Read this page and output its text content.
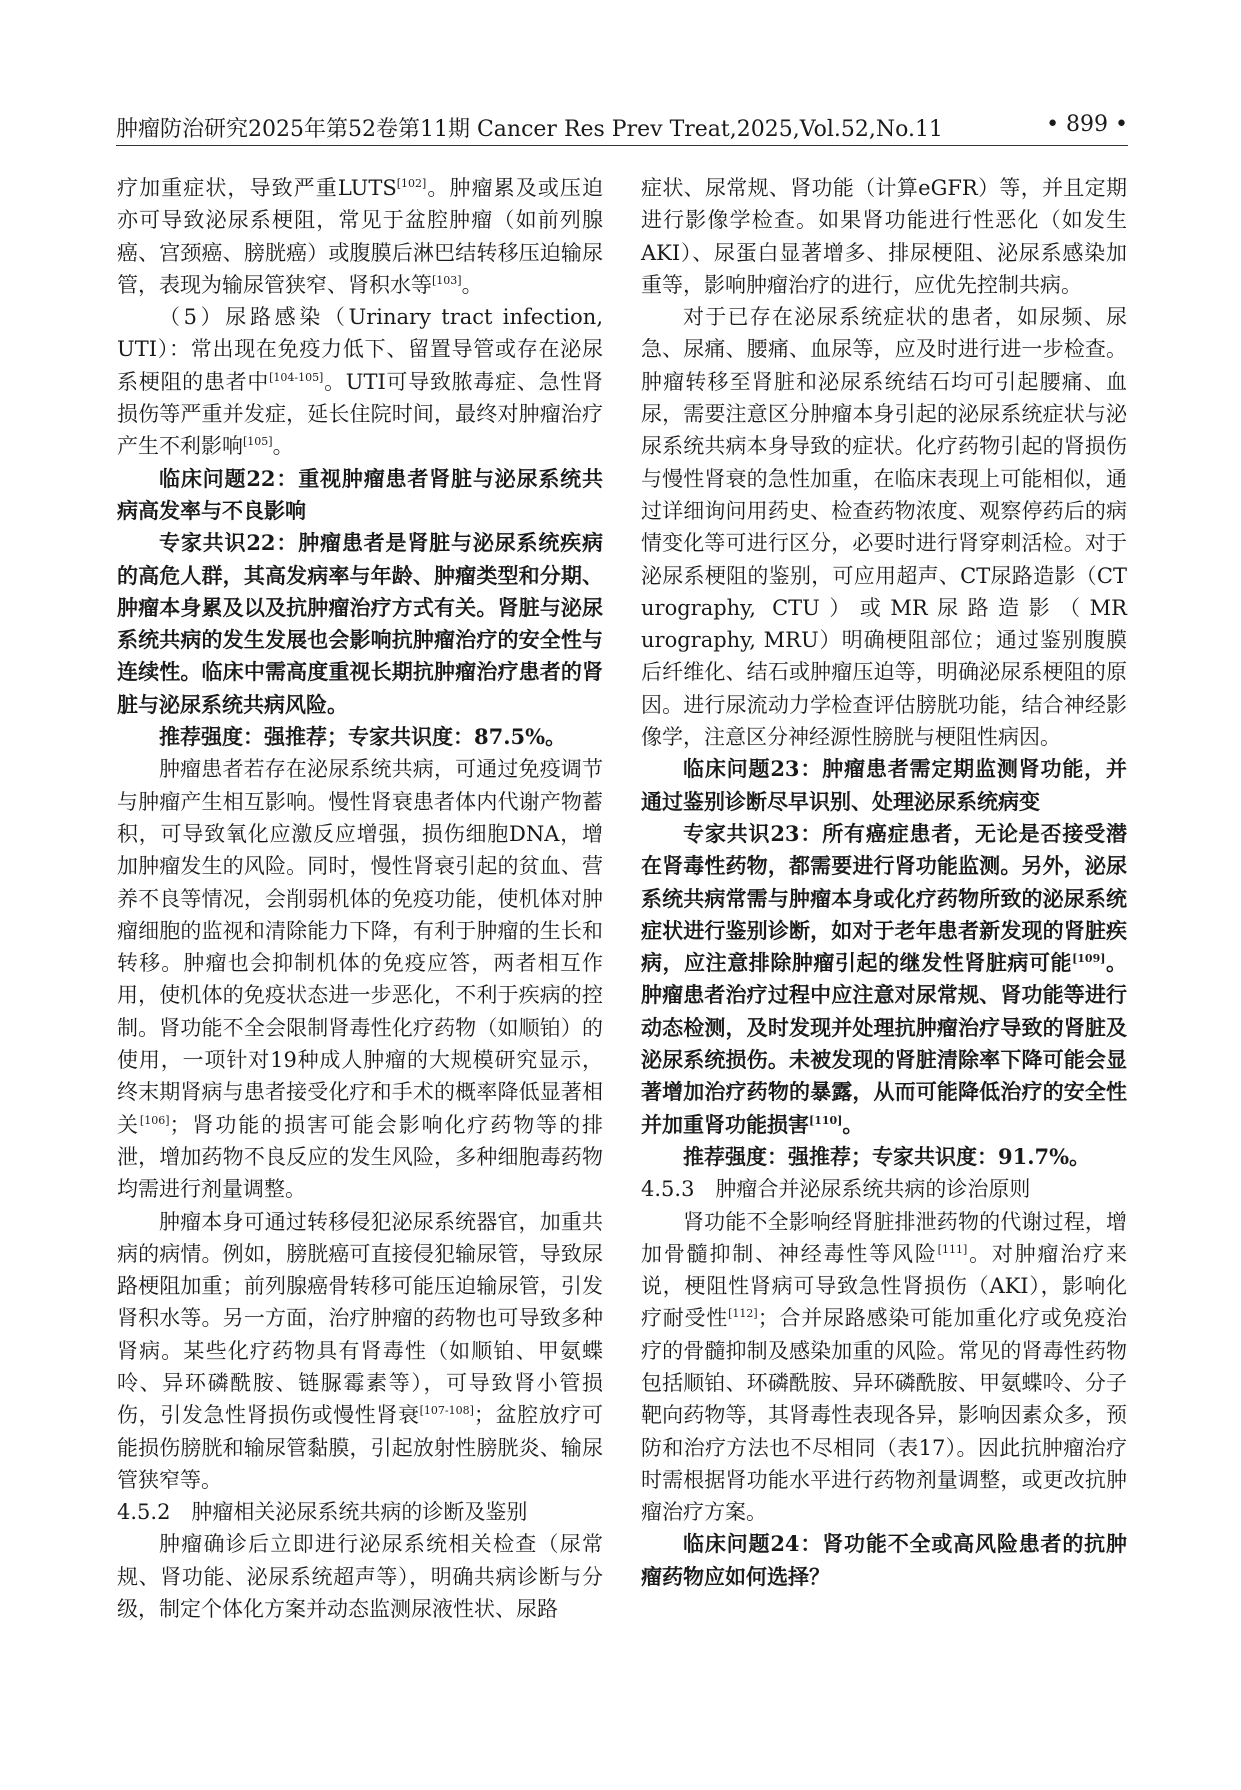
肿瘤防治研究2025年第52卷第11期 Cancer Res Prev Treat,2025,Vol.52,No.11	• 899 •

疗加重症状，导致严重LUTS[102]。肿瘤累及或压迫亦可导致泌尿系梗阻，常见于盆腔肿瘤（如前列腺癌、宫颈癌、膀胱癌）或腹膜后淋巴结转移压迫输尿管，表现为输尿管狭窄、肾积水等[103]。

（5）尿路感染（Urinary tract infection, UTI）：常出现在免疫力低下、留置导管或存在泌尿系梗阻的患者中[104-105]。UTI可导致脓毒症、急性肾损伤等严重并发症，延长住院时间，最终对肿瘤治疗产生不利影响[105]。

临床问题22：重视肿瘤患者肾脏与泌尿系统共病高发率与不良影响

专家共识22：肿瘤患者是肾脏与泌尿系统疾病的高危人群，其高发病率与年龄、肿瘤类型和分期、肿瘤本身累及以及抗肿瘤治疗方式有关。肾脏与泌尿系统共病的发生发展也会影响抗肿瘤治疗的安全性与连续性。临床中需高度重视长期抗肿瘤治疗患者的肾脏与泌尿系统共病风险。

推荐强度：强推荐；专家共识度：87.5%。

肿瘤患者若存在泌尿系统共病，可通过免疫调节与肿瘤产生相互影响。慢性肾衰患者体内代谢产物蓄积，可导致氧化应激反应增强，损伤细胞DNA，增加肿瘤发生的风险。同时，慢性肾衰引起的贫血、营养不良等情况，会削弱机体的免疫功能，使机体对肿瘤细胞的监视和清除能力下降，有利于肿瘤的生长和转移。肿瘤也会抑制机体的免疫应答，两者相互作用，使机体的免疫状态进一步恶化，不利于疾病的控制。肾功能不全会限制肾毒性化疗药物（如顺铂）的使用，一项针对19种成人肿瘤的大规模研究显示，终末期肾病与患者接受化疗和手术的概率降低显著相关[106]；肾功能的损害可能会影响化疗药物等的排泄，增加药物不良反应的发生风险，多种细胞毒药物均需进行剂量调整。

肿瘤本身可通过转移侵犯泌尿系统器官，加重共病的病情。例如，膀胱癌可直接侵犯输尿管，导致尿路梗阻加重；前列腺癌骨转移可能压迫输尿管，引发肾积水等。另一方面，治疗肿瘤的药物也可导致多种肾病。某些化疗药物具有肾毒性（如顺铂、甲氨蝶呤、异环磷酰胺、链脲霉素等），可导致肾小管损伤，引发急性肾损伤或慢性肾衰[107-108]；盆腔放疗可能损伤膀胱和输尿管黏膜，引起放射性膀胱炎、输尿管狭窄等。

4.5.2　肿瘤相关泌尿系统共病的诊断及鉴别

肿瘤确诊后立即进行泌尿系统相关检查（尿常规、肾功能、泌尿系统超声等），明确共病诊断与分级，制定个体化方案并动态监测尿液性状、尿路

症状、尿常规、肾功能（计算eGFR）等，并且定期进行影像学检查。如果肾功能进行性恶化（如发生AKI）、尿蛋白显著增多、排尿梗阻、泌尿系感染加重等，影响肿瘤治疗的进行，应优先控制共病。

对于已存在泌尿系统症状的患者，如尿频、尿急、尿痛、腰痛、血尿等，应及时进行进一步检查。肿瘤转移至肾脏和泌尿系统结石均可引起腰痛、血尿，需要注意区分肿瘤本身引起的泌尿系统症状与泌尿系统共病本身导致的症状。化疗药物引起的肾损伤与慢性肾衰的急性加重，在临床表现上可能相似，通过详细询问用药史、检查药物浓度、观察停药后的病情变化等可进行区分，必要时进行肾穿刺活检。对于泌尿系梗阻的鉴别，可应用超声、CT尿路造影（CT urography, CTU）或MR尿路造影（MR urography, MRU）明确梗阻部位；通过鉴别腹膜后纤维化、结石或肿瘤压迫等，明确泌尿系梗阻的原因。进行尿流动力学检查评估膀胱功能，结合神经影像学，注意区分神经源性膀胱与梗阻性病因。

临床问题23：肿瘤患者需定期监测肾功能，并通过鉴别诊断尽早识别、处理泌尿系统病变

专家共识23：所有癌症患者，无论是否接受潜在肾毒性药物，都需要进行肾功能监测。另外，泌尿系统共病常需与肿瘤本身或化疗药物所致的泌尿系统症状进行鉴别诊断，如对于老年患者新发现的肾脏疾病，应注意排除肿瘤引起的继发性肾脏病可能[109]。肿瘤患者治疗过程中应注意对尿常规、肾功能等进行动态检测，及时发现并处理抗肿瘤治疗导致的肾脏及泌尿系统损伤。未被发现的肾脏清除率下降可能会显著增加治疗药物的暴露，从而可能降低治疗的安全性并加重肾功能损害[110]。

推荐强度：强推荐；专家共识度：91.7%。

4.5.3　肿瘤合并泌尿系统共病的诊治原则

肾功能不全影响经肾脏排泄药物的代谢过程，增加骨髓抑制、神经毒性等风险[111]。对肿瘤治疗来说，梗阻性肾病可导致急性肾损伤（AKI），影响化疗耐受性[112]；合并尿路感染可能加重化疗或免疫治疗的骨髓抑制及感染加重的风险。常见的肾毒性药物包括顺铂、环磷酰胺、异环磷酰胺、甲氨蝶呤、分子靶向药物等，其肾毒性表现各异，影响因素众多，预防和治疗方法也不尽相同（表17）。因此抗肿瘤治疗时需根据肾功能水平进行药物剂量调整，或更改抗肿瘤治疗方案。

临床问题24：肾功能不全或高风险患者的抗肿瘤药物应如何选择？
